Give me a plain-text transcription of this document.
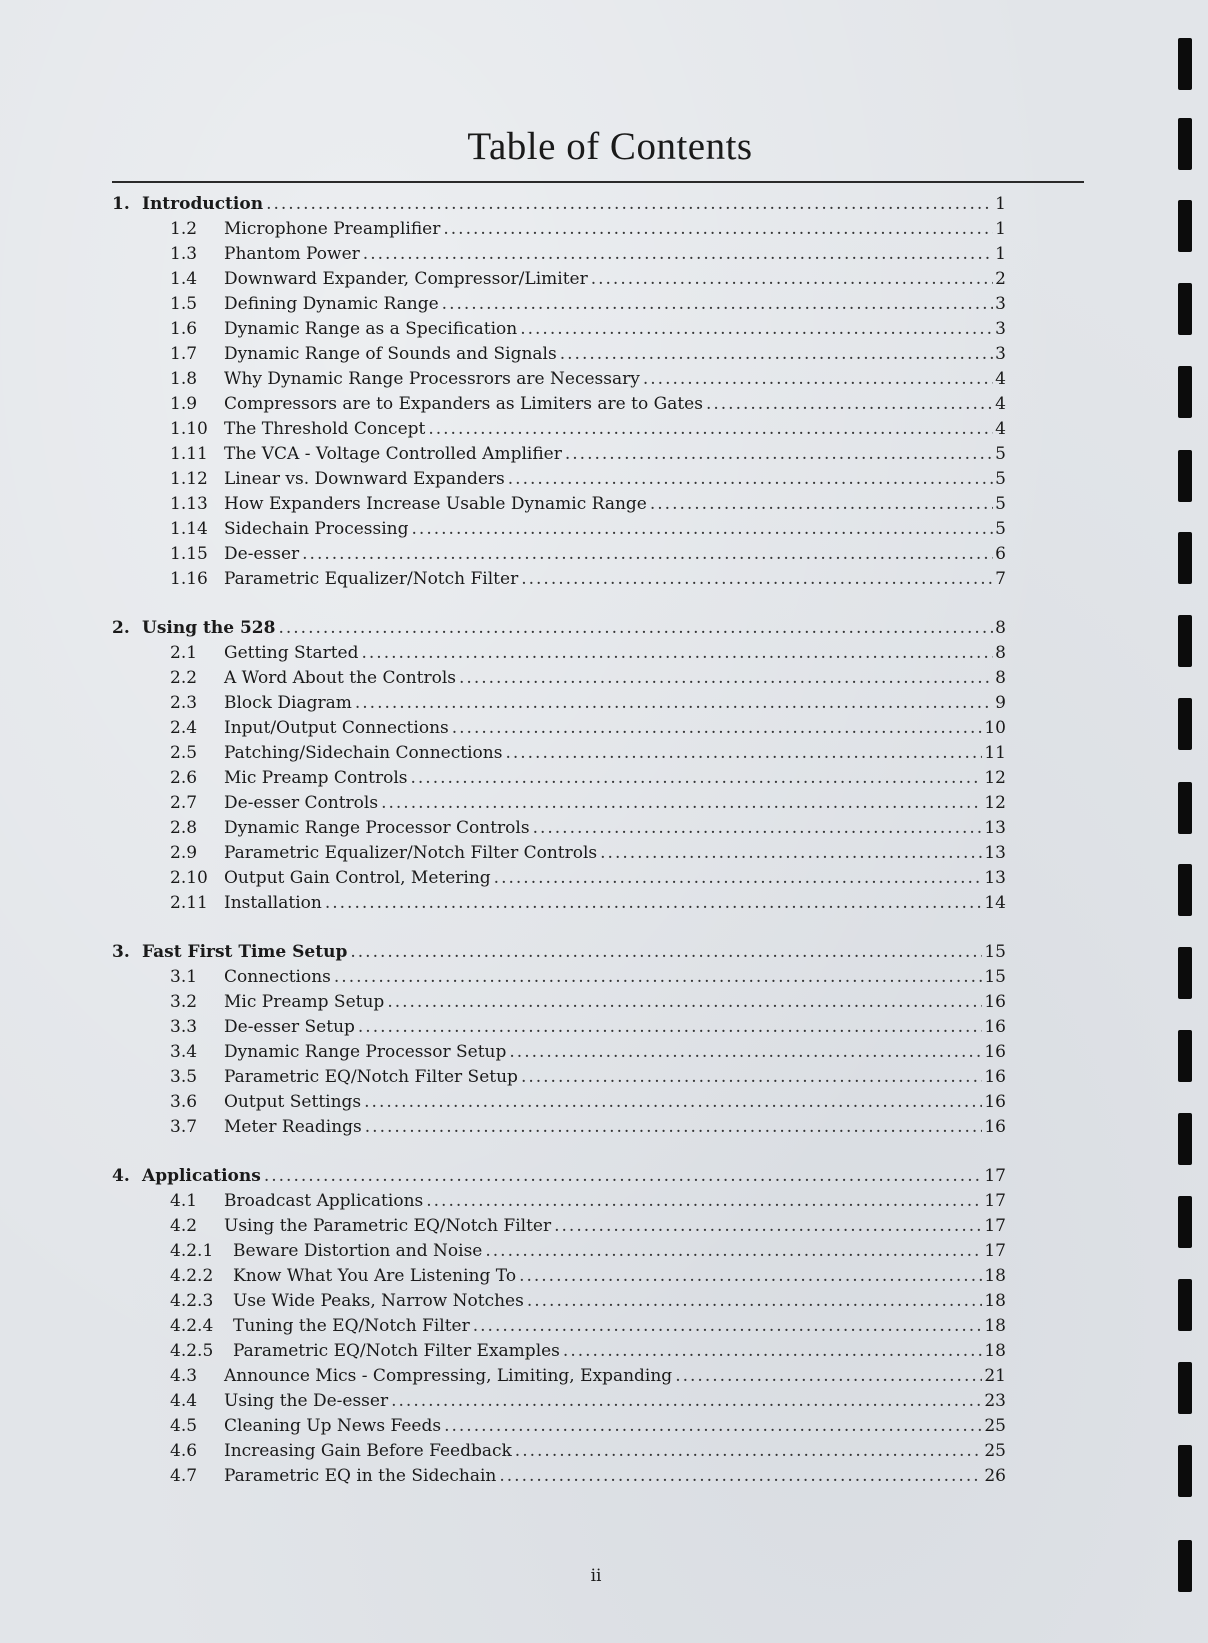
Table of Contents
1. Introduction .....	1
1.2	Microphone Preamplifier .....	1
1.3	Phantom Power .....	1
1.4	Downward Expander, Compressor/Limiter .....	2
1.5	Defining Dynamic Range .....	3
1.6	Dynamic Range as a Specification .....	3
1.7	Dynamic Range of Sounds and Signals .....	3
1.8	Why Dynamic Range Processrors are Necessary .....	4
1.9	Compressors are to Expanders as Limiters are to Gates .....	4
1.10 The Threshold Concept .....	4
1.11 The VCA - Voltage Controlled Amplifier .....	5
1.12 Linear vs. Downward Expanders .....	5
1.13 How Expanders Increase Usable Dynamic Range .....	5
1.14 Sidechain Processing .....	5
1.15 De-esser .....	6
1.16 Parametric Equalizer/Notch Filter .....	7
2. Using the 528 .....	8
2.1	Getting Started .....	8
2.2	A Word About the Controls .....	8
2.3	Block Diagram .....	9
2.4	Input/Output Connections .....	10
2.5	Patching/Sidechain Connections .....	11
2.6	Mic Preamp Controls .....	12
2.7	De-esser Controls .....	12
2.8	Dynamic Range Processor Controls .....	13
2.9	Parametric Equalizer/Notch Filter Controls .....	13
2.10 Output Gain Control, Metering .....	13
2.11 Installation .....	14
3. Fast First Time Setup .....	15
3.1	Connections .....	15
3.2	Mic Preamp Setup .....	16
3.3	De-esser Setup .....	16
3.4	Dynamic Range Processor Setup .....	16
3.5	Parametric EQ/Notch Filter Setup .....	16
3.6	Output Settings .....	16
3.7	Meter Readings .....	16
4. Applications .....	17
4.1	Broadcast Applications .....	17
4.2	Using the Parametric EQ/Notch Filter .....	17
4.2.1	Beware Distortion and Noise .....	17
4.2.2	Know What You Are Listening To .....	18
4.2.3	Use Wide Peaks, Narrow Notches .....	18
4.2.4	Tuning the EQ/Notch Filter .....	18
4.2.5	Parametric EQ/Notch Filter Examples .....	18
4.3	Announce Mics - Compressing, Limiting, Expanding .....	21
4.4	Using the De-esser .....	23
4.5	Cleaning Up News Feeds .....	25
4.6	Increasing Gain Before Feedback .....	25
4.7	Parametric EQ in the Sidechain .....	26
ii
